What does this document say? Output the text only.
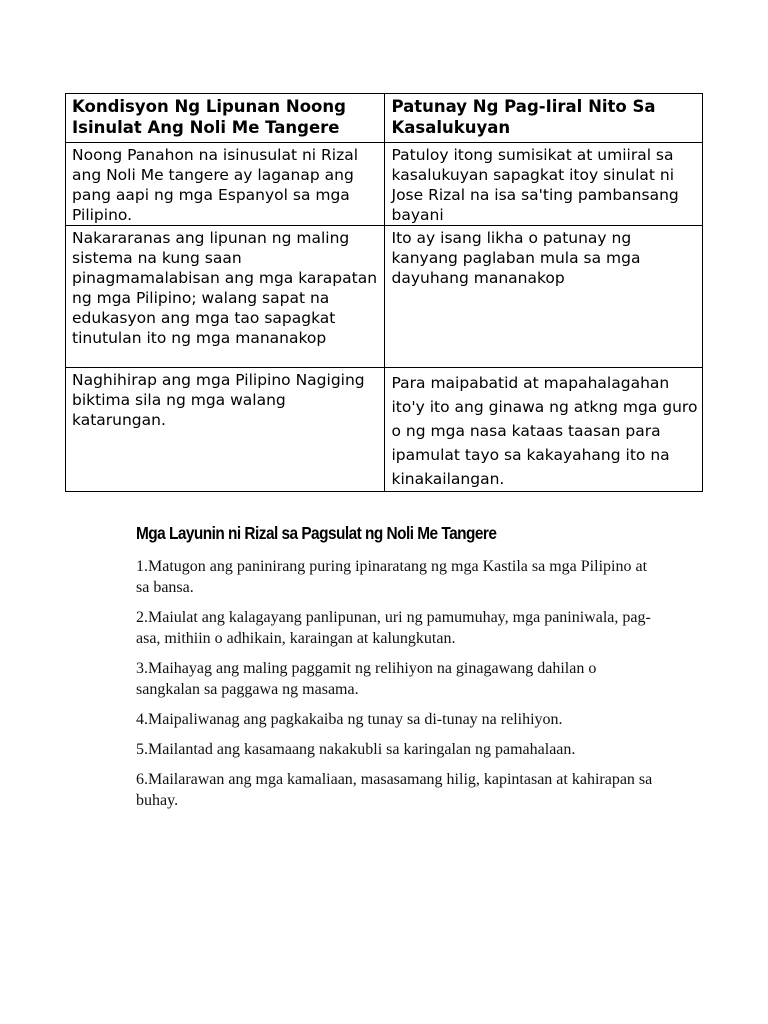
Kondisyon Ng Lipunan Noong Isinulat Ang Noli Me Tangere	Patunay Ng Pag-Iiral Nito Sa Kasalukuyan

Noong Panahon na isinusulat ni Rizal ang Noli Me tangere ay laganap ang pang aapi ng mga Espanyol sa mga Pilipino.	Patuloy itong sumisikat at umiiral sa kasalukuyan sapagkat itoy sinulat ni Jose Rizal na isa sa'ting pambansang bayani

Nakararanas ang lipunan ng maling sistema na kung saan pinagmamalabisan ang mga karapatan ng mga Pilipino; walang sapat na edukasyon ang mga tao sapagkat tinutulan ito ng mga mananakop	Ito ay isang likha o patunay ng kanyang paglaban mula sa mga dayuhang mananakop

Naghihirap ang mga Pilipino Nagiging biktima sila ng mga walang katarungan.	Para maipabatid at mapahalagahan ito'y ito ang ginawa ng atkng mga guro o ng mga nasa kataas taasan para ipamulat tayo sa kakayahang ito na kinakailangan.
Mga Layunin ni Rizal sa Pagsulat ng Noli Me Tangere
1.Matugon ang paninirang puring ipinaratang ng mga Kastila sa mga Pilipino at sa bansa.
2.Maiulat ang kalagayang panlipunan, uri ng pamumuhay, mga paniniwala, pag-asa, mithiin o adhikain, karaingan at kalungkutan.
3.Maihayag ang maling paggamit ng relihiyon na ginagawang dahilan o sangkalan sa paggawa ng masama.
4.Maipaliwanag ang pagkakaiba ng tunay sa di-tunay na relihiyon.
5.Mailantad ang kasamaang nakakubli sa karingalan ng pamahalaan.
6.Mailarawan ang mga kamaliaan, masasamang hilig, kapintasan at kahirapan sa buhay.
